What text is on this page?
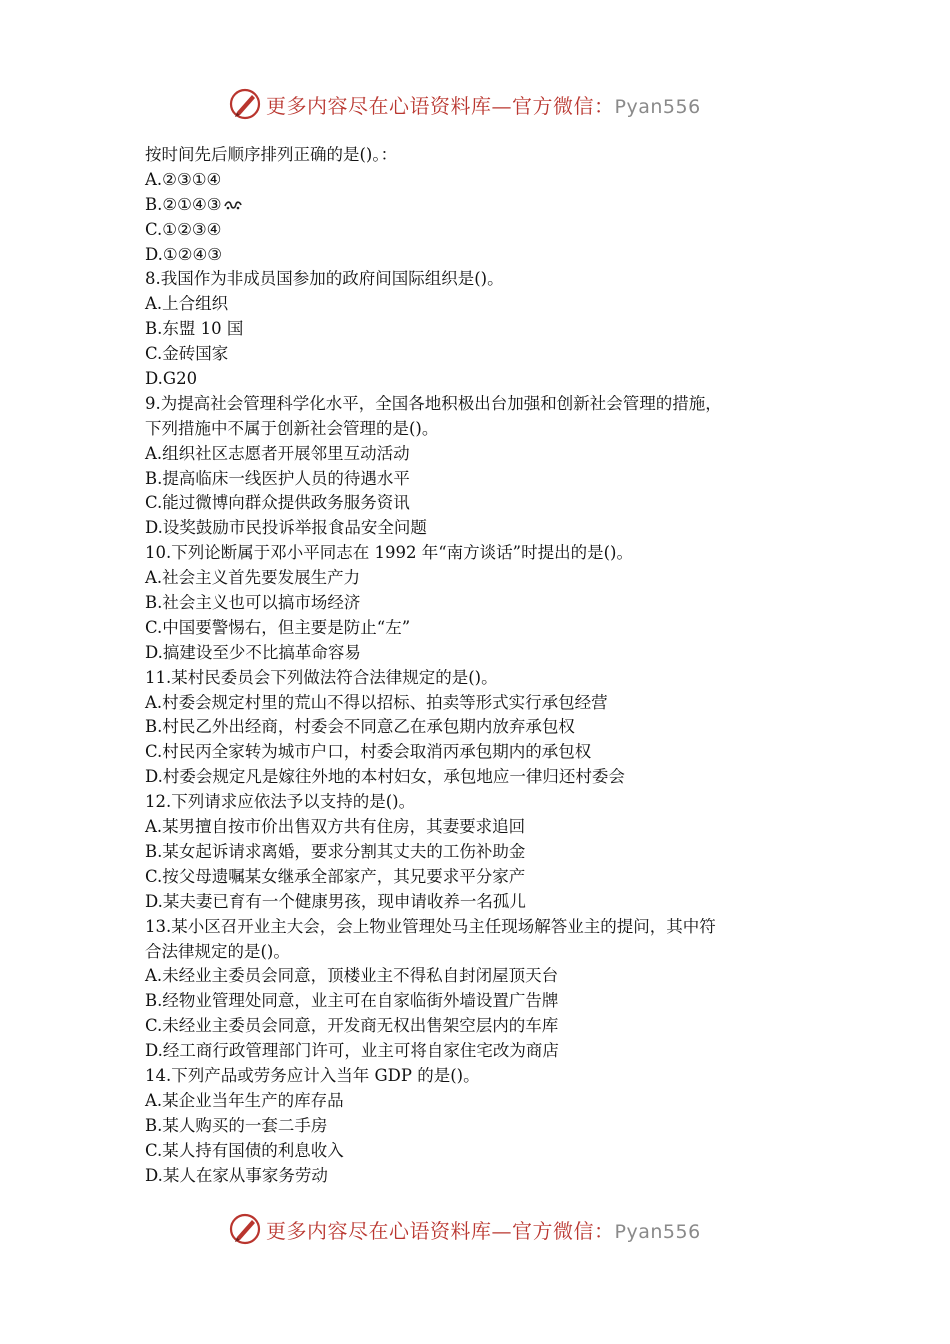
更多内容尽在心语资料库—官方微信：Pyan556
按时间先后顺序排列正确的是()。：
A.②③①④
B.②①④③
C.①②③④
D.①②④③
8.我国作为非成员国参加的政府间国际组织是()。
A.上合组织
B.东盟 10 国
C.金砖国家
D.G20
9.为提高社会管理科学化水平，全国各地积极出台加强和创新社会管理的措施，
下列措施中不属于创新社会管理的是()。
A.组织社区志愿者开展邻里互动活动
B.提高临床一线医护人员的待遇水平
C.能过微博向群众提供政务服务资讯
D.设奖鼓励市民投诉举报食品安全问题
10.下列论断属于邓小平同志在 1992 年“南方谈话”时提出的是()。
A.社会主义首先要发展生产力
B.社会主义也可以搞市场经济
C.中国要警惕右，但主要是防止“左”
D.搞建设至少不比搞革命容易
11.某村民委员会下列做法符合法律规定的是()。
A.村委会规定村里的荒山不得以招标、拍卖等形式实行承包经营
B.村民乙外出经商，村委会不同意乙在承包期内放弃承包权
C.村民丙全家转为城市户口，村委会取消丙承包期内的承包权
D.村委会规定凡是嫁往外地的本村妇女，承包地应一律归还村委会
12.下列请求应依法予以支持的是()。
A.某男擅自按市价出售双方共有住房，其妻要求追回
B.某女起诉请求离婚，要求分割其丈夫的工伤补助金
C.按父母遗嘱某女继承全部家产，其兄要求平分家产
D.某夫妻已育有一个健康男孩，现申请收养一名孤儿
13.某小区召开业主大会，会上物业管理处马主任现场解答业主的提问，其中符
合法律规定的是()。
A.未经业主委员会同意，顶楼业主不得私自封闭屋顶天台
B.经物业管理处同意，业主可在自家临街外墙设置广告牌
C.未经业主委员会同意，开发商无权出售架空层内的车库
D.经工商行政管理部门许可，业主可将自家住宅改为商店
14.下列产品或劳务应计入当年 GDP 的是()。
A.某企业当年生产的库存品
B.某人购买的一套二手房
C.某人持有国债的利息收入
D.某人在家从事家务劳动
更多内容尽在心语资料库—官方微信：Pyan556
